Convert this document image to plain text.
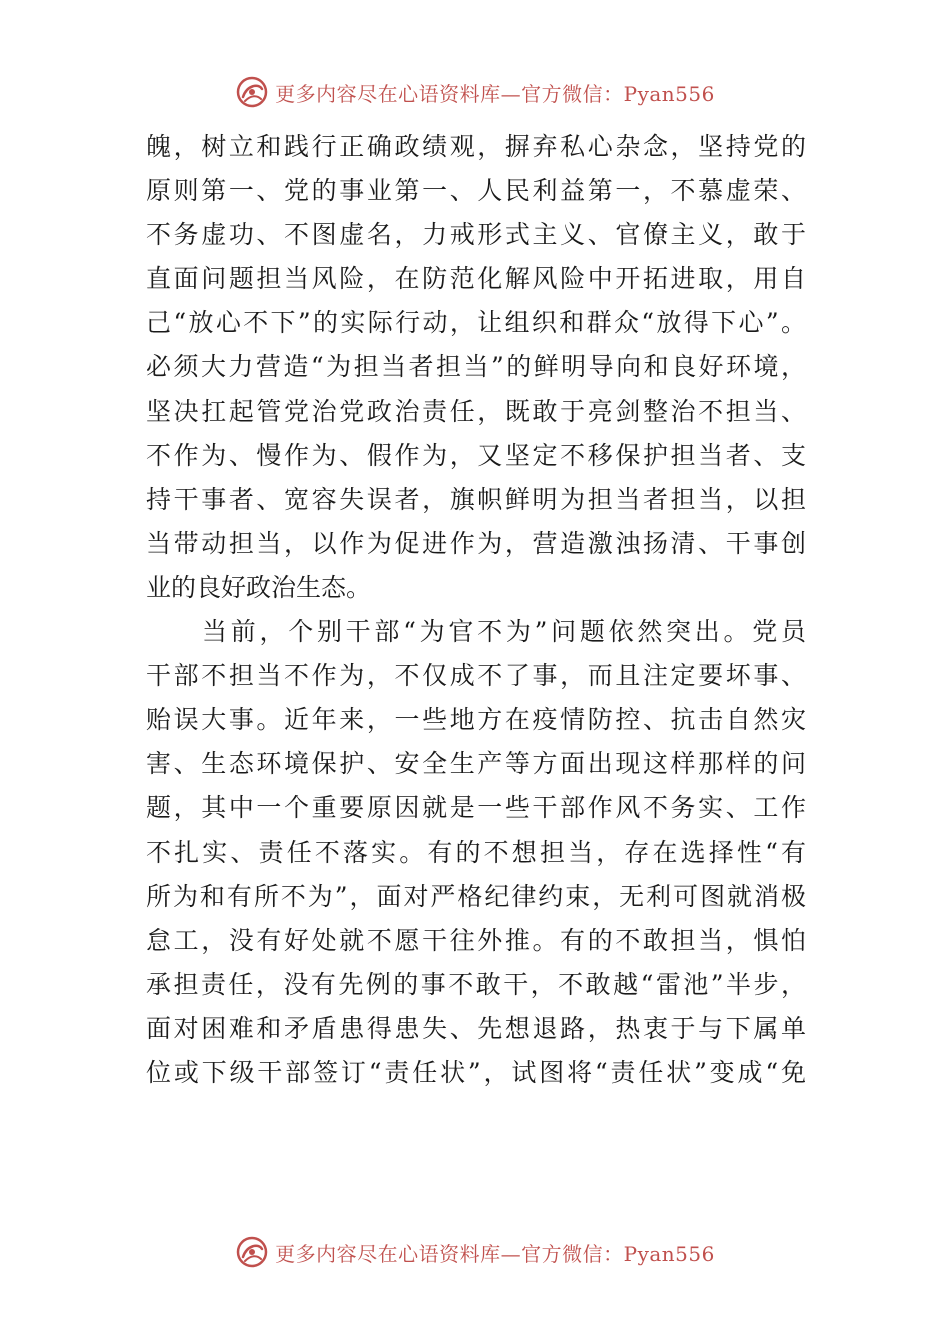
更多内容尽在心语资料库—官方微信：Pyan556
魄，树立和践行正确政绩观，摒弃私心杂念，坚持党的
原则第一、党的事业第一、人民利益第一，不慕虚荣、
不务虚功、不图虚名，力戒形式主义、官僚主义，敢于
直面问题担当风险，在防范化解风险中开拓进取，用自
己“放心不下”的实际行动，让组织和群众“放得下心”。
必须大力营造“为担当者担当”的鲜明导向和良好环境，
坚决扛起管党治党政治责任，既敢于亮剑整治不担当、
不作为、慢作为、假作为，又坚定不移保护担当者、支
持干事者、宽容失误者，旗帜鲜明为担当者担当，以担
当带动担当，以作为促进作为，营造激浊扬清、干事创
业的良好政治生态。
当前，个别干部“为官不为”问题依然突出。党员
干部不担当不作为，不仅成不了事，而且注定要坏事、
贻误大事。近年来，一些地方在疫情防控、抗击自然灾
害、生态环境保护、安全生产等方面出现这样那样的问
题，其中一个重要原因就是一些干部作风不务实、工作
不扎实、责任不落实。有的不想担当，存在选择性“有
所为和有所不为”，面对严格纪律约束，无利可图就消极
怠工，没有好处就不愿干往外推。有的不敢担当，惧怕
承担责任，没有先例的事不敢干，不敢越“雷池”半步，
面对困难和矛盾患得患失、先想退路，热衷于与下属单
位或下级干部签订“责任状”，试图将“责任状”变成“免
更多内容尽在心语资料库—官方微信：Pyan556
